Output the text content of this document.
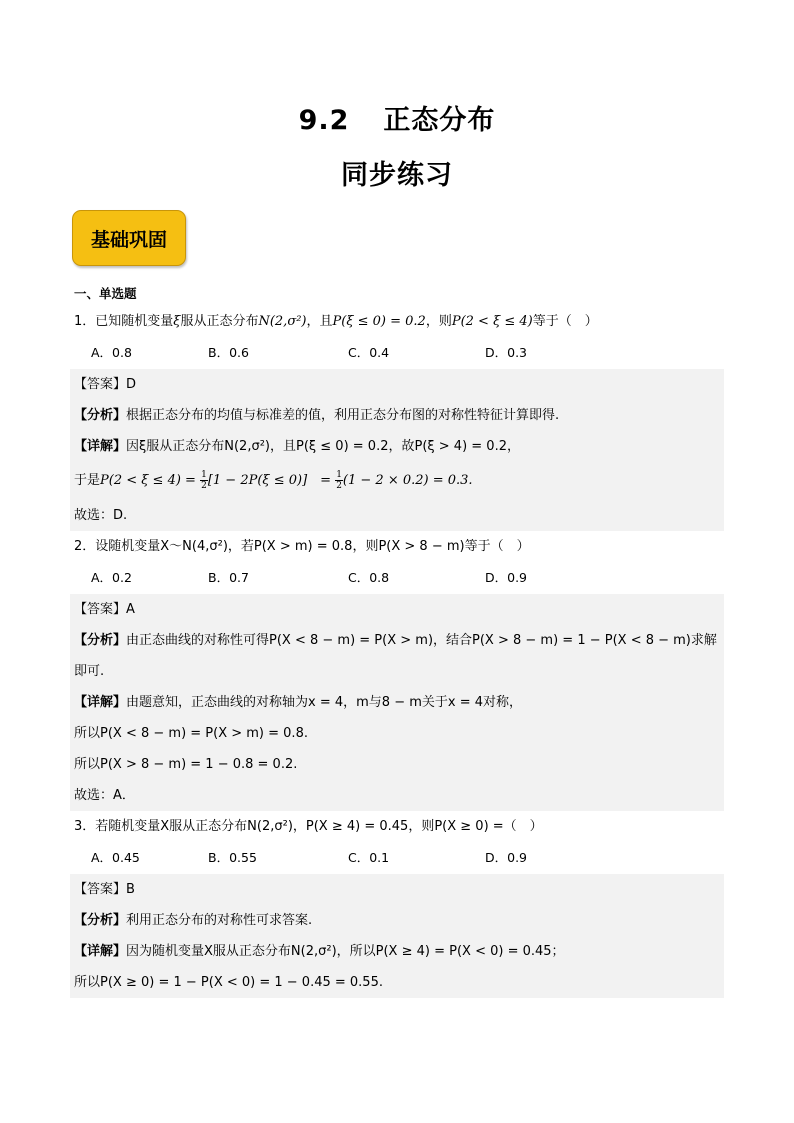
9.2 正态分布
同步练习
基础巩固
一、单选题
1．已知随机变量ξ服从正态分布N(2,σ²)，且P(ξ ≤ 0) = 0.2，则P(2 < ξ ≤ 4)等于（　）
A．0.8	B．0.6	C．0.4	D．0.3
【答案】D
【分析】根据正态分布的均值与标准差的值，利用正态分布图的对称性特征计算即得.
【详解】因ξ服从正态分布N(2,σ²)，且P(ξ ≤ 0) = 0.2，故P(ξ > 4) = 0.2，
于是$P(2 < \xi \le 4) = \frac{1}{2} [1 - 2P(\xi \le 0)]$　= $\frac{1}{2} (1 - 2 \times 0.2) = 0.3$.
故选：D.
2．设随机变量X～N(4,σ²)，若P(X > m) = 0.8，则P(X > 8 − m)等于（　）
A．0.2	B．0.7	C．0.8	D．0.9
【答案】A
【分析】由正态曲线的对称性可得P(X < 8 − m) = P(X > m)，结合P(X > 8 − m) = 1 − P(X < 8 − m)求解即可.
【详解】由题意知，正态曲线的对称轴为x = 4，m与8 − m关于x = 4对称，
所以P(X < 8 − m) = P(X > m) = 0.8.
所以P(X > 8 − m) = 1 − 0.8 = 0.2.
故选：A．
3．若随机变量X服从正态分布N(2,σ²)，P(X ≥ 4) = 0.45，则P(X ≥ 0) =（　）
A．0.45	B．0.55	C．0.1	D．0.9
【答案】B
【分析】利用正态分布的对称性可求答案.
【详解】因为随机变量X服从正态分布N(2,σ²)，所以P(X ≥ 4) = P(X < 0) = 0.45；
所以P(X ≥ 0) = 1 − P(X < 0) = 1 − 0.45 = 0.55.
